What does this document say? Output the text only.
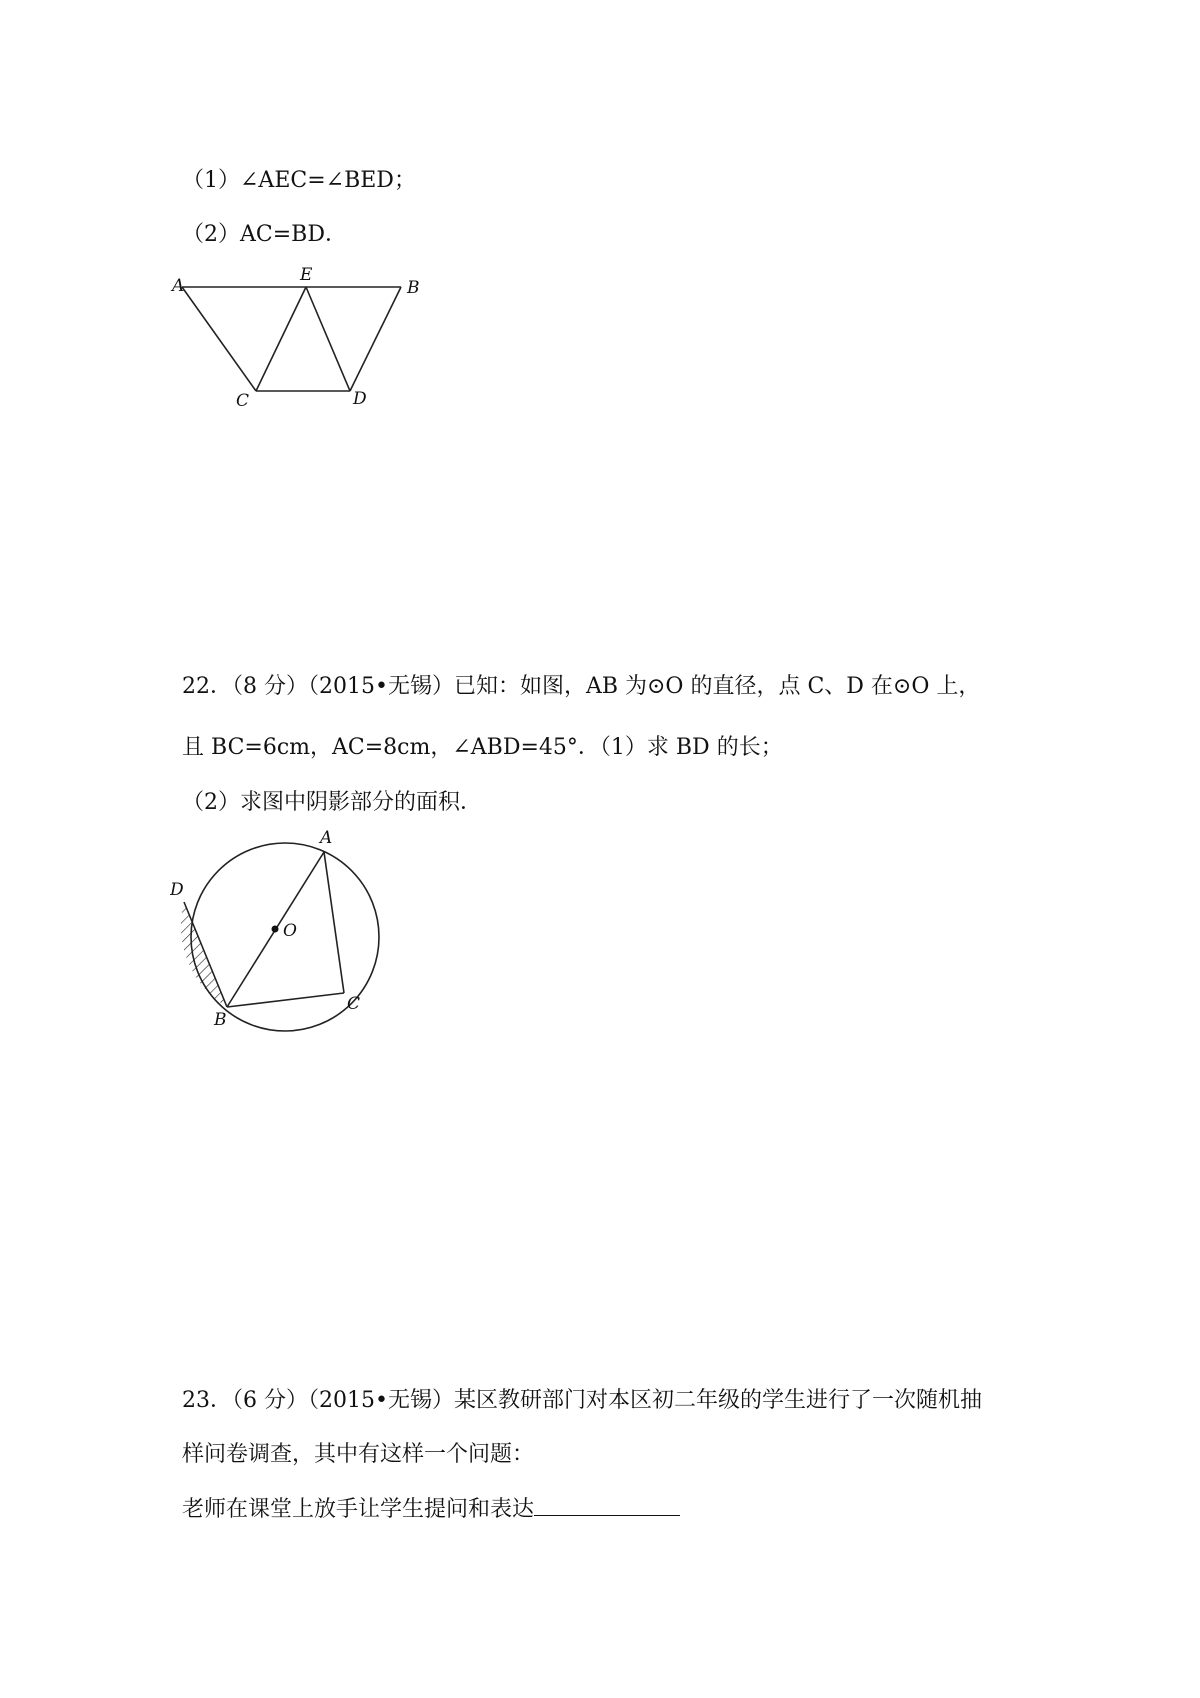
（1）∠AEC=∠BED；
（2）AC=BD．
A
E
B
C	D
22．（8 分）（2015•无锡）已知：如图，AB 为⊙O 的直径，点 C、D 在⊙O 上，
且 BC=6cm，AC=8cm，∠ABD=45°．（1）求 BD 的长；
（2）求图中阴影部分的面积．
A
O
D
B
C
23．（6 分）（2015•无锡）某区教研部门对本区初二年级的学生进行了一次随机抽
样问卷调查，其中有这样一个问题：
老师在课堂上放手让学生提问和表达
